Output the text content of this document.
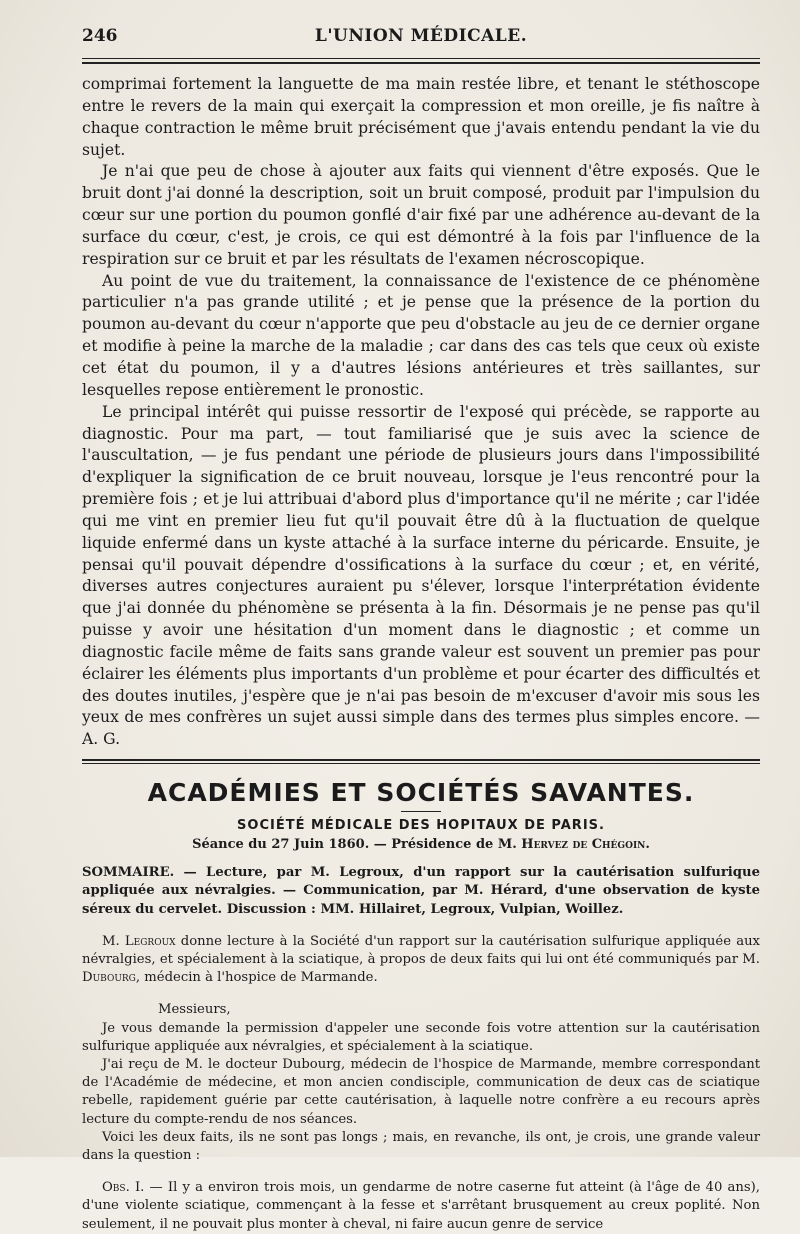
246	L'UNION MÉDICALE.

comprimai fortement la languette de ma main restée libre, et tenant le stéthoscope entre le revers de la main qui exerçait la compression et mon oreille, je fis naître à chaque contraction le même bruit précisément que j'avais entendu pendant la vie du sujet.

Je n'ai que peu de chose à ajouter aux faits qui viennent d'être exposés. Que le bruit dont j'ai donné la description, soit un bruit composé, produit par l'impulsion du cœur sur une portion du poumon gonflé d'air fixé par une adhérence au-devant de la surface du cœur, c'est, je crois, ce qui est démontré à la fois par l'influence de la respiration sur ce bruit et par les résultats de l'examen nécroscopique.

Au point de vue du traitement, la connaissance de l'existence de ce phénomène particulier n'a pas grande utilité ; et je pense que la présence de la portion du poumon au-devant du cœur n'apporte que peu d'obstacle au jeu de ce dernier organe et modifie à peine la marche de la maladie ; car dans des cas tels que ceux où existe cet état du poumon, il y a d'autres lésions antérieures et très saillantes, sur lesquelles repose entièrement le pronostic.

Le principal intérêt qui puisse ressortir de l'exposé qui précède, se rapporte au diagnostic. Pour ma part, — tout familiarisé que je suis avec la science de l'auscultation, — je fus pendant une période de plusieurs jours dans l'impossibilité d'expliquer la signification de ce bruit nouveau, lorsque je l'eus rencontré pour la première fois ; et je lui attribuai d'abord plus d'importance qu'il ne mérite ; car l'idée qui me vint en premier lieu fut qu'il pouvait être dû à la fluctuation de quelque liquide enfermé dans un kyste attaché à la surface interne du péricarde. Ensuite, je pensai qu'il pouvait dépendre d'ossifications à la surface du cœur ; et, en vérité, diverses autres conjectures auraient pu s'élever, lorsque l'interprétation évidente que j'ai donnée du phénomène se présenta à la fin. Désormais je ne pense pas qu'il puisse y avoir une hésitation d'un moment dans le diagnostic ; et comme un diagnostic facile même de faits sans grande valeur est souvent un premier pas pour éclairer les éléments plus importants d'un problème et pour écarter des difficultés et des doutes inutiles, j'espère que je n'ai pas besoin de m'excuser d'avoir mis sous les yeux de mes confrères un sujet aussi simple dans des termes plus simples encore. — A. G.

ACADÉMIES ET SOCIÉTÉS SAVANTES.
SOCIÉTÉ MÉDICALE DES HOPITAUX DE PARIS.
Séance du 27 Juin 1860. — Présidence de M. Hervez de Chégoin.

SOMMAIRE. — Lecture, par M. Legroux, d'un rapport sur la cautérisation sulfurique appliquée aux névralgies. — Communication, par M. Hérard, d'une observation de kyste séreux du cervelet. Discussion : MM. Hillairet, Legroux, Vulpian, Woillez.

M. Legroux donne lecture à la Société d'un rapport sur la cautérisation sulfurique appliquée aux névralgies, et spécialement à la sciatique, à propos de deux faits qui lui ont été communiqués par M. Dubourg, médecin à l'hospice de Marmande.

Messieurs,

Je vous demande la permission d'appeler une seconde fois votre attention sur la cautérisation sulfurique appliquée aux névralgies, et spécialement à la sciatique.

J'ai reçu de M. le docteur Dubourg, médecin de l'hospice de Marmande, membre correspondant de l'Académie de médecine, et mon ancien condisciple, communication de deux cas de sciatique rebelle, rapidement guérie par cette cautérisation, à laquelle notre confrère a eu recours après lecture du compte-rendu de nos séances.

Voici les deux faits, ils ne sont pas longs ; mais, en revanche, ils ont, je crois, une grande valeur dans la question :

Obs. I. — Il y a environ trois mois, un gendarme de notre caserne fut atteint (à l'âge de 40 ans), d'une violente sciatique, commençant à la fesse et s'arrêtant brusquement au creux poplité. Non seulement, il ne pouvait plus monter à cheval, ni faire aucun genre de service
